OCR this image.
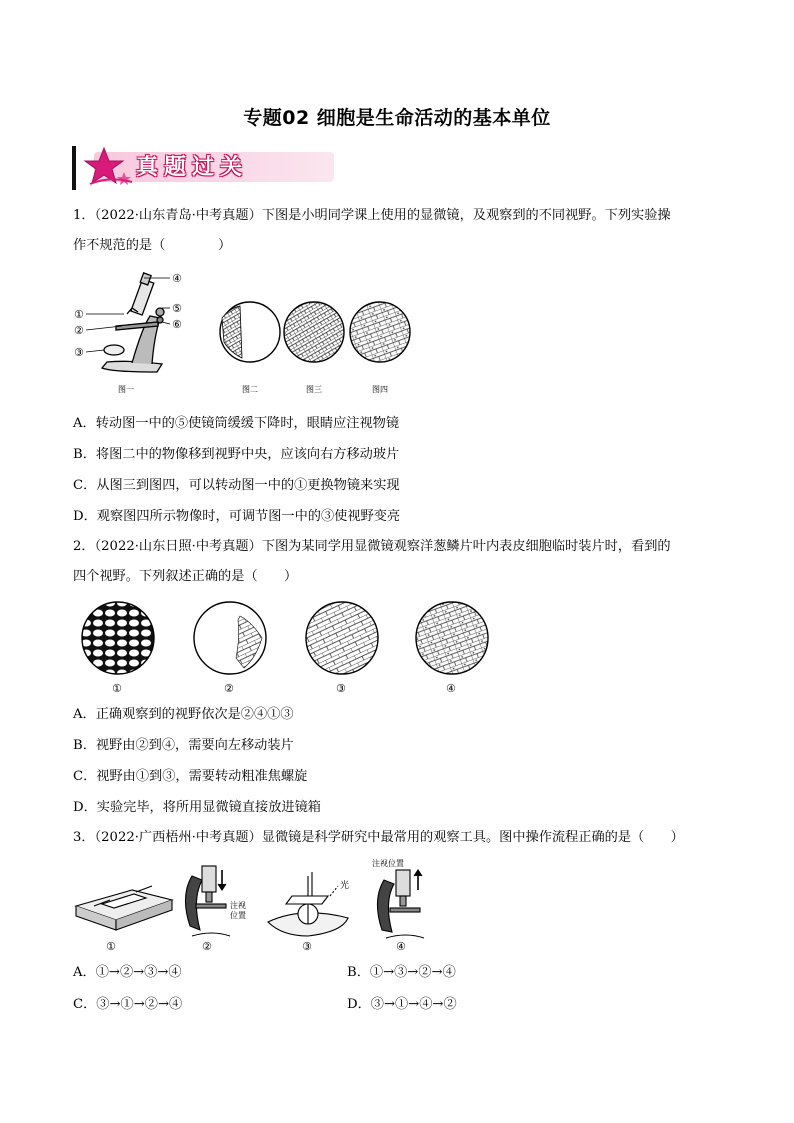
专题02 细胞是生命活动的基本单位
真题过关
1．（2022·山东青岛·中考真题）下图是小明同学课上使用的显微镜，及观察到的不同视野。下列实验操
作不规范的是（　　　　）
①
②
③
④
⑤
⑥
图一	图二	图三	图四
A．转动图一中的⑤使镜筒缓缓下降时，眼睛应注视物镜
B．将图二中的物像移到视野中央，应该向右方移动玻片
C．从图三到图四，可以转动图一中的①更换物镜来实现
D．观察图四所示物像时，可调节图一中的③使视野变亮
2．（2022·山东日照·中考真题）下图为某同学用显微镜观察洋葱鳞片叶内表皮细胞临时装片时，看到的
四个视野。下列叙述正确的是（　　）
①	②	③	④
A．正确观察到的视野依次是②④①③
B．视野由②到④，需要向左移动装片
C．视野由①到③，需要转动粗准焦螺旋
D．实验完毕，将所用显微镜直接放进镜箱
3．（2022·广西梧州·中考真题）显微镜是科学研究中最常用的观察工具。图中操作流程正确的是（　　）
①
注视
位置
②
光
③
注视位置
④
A．①→②→③→④	B．①→③→②→④
C．③→①→②→④	D．③→①→④→②
